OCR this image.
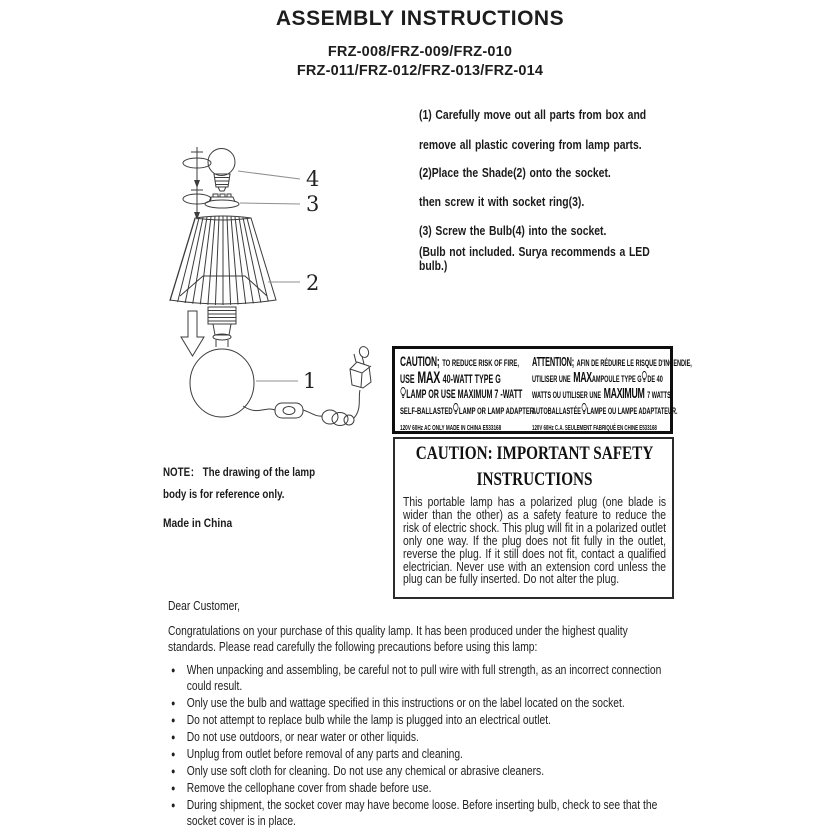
ASSEMBLY INSTRUCTIONS
FRZ-008/FRZ-009/FRZ-010
FRZ-011/FRZ-012/FRZ-013/FRZ-014
(1) Carefully move out all parts from box and
remove all plastic covering from lamp parts.
(2)Place the Shade(2) onto the socket.
then screw it with socket ring(3).
(3) Screw the Bulb(4) into the socket.
(Bulb not included. Surya recommends a LED bulb.)
4
3
2
1
CAUTION; TO REDUCE RISK OF FIRE,
USE MAX 40-WATT TYPE G
LAMP OR USE MAXIMUM 7 -WATT
SELF-BALLASTED LAMP OR LAMP ADAPTER.
120V 60Hz AC ONLY MADE IN CHINA E533168
ATTENTION; AFIN DE RÉDUIRE LE RISQUE D'INCENDIE,
UTILISER UNE MAXAMPOULE TYPE G DE 40
WATTS OU UTILISER UNE MAXIMUM 7 WATTS
AUTOBALLASTÉE LAMPE OU LAMPE ADAPTATEUR.
120V 60Hz C.A. SEULEMENT FABRIQUÉ EN CHINE E533168
CAUTION: IMPORTANT SAFETY
INSTRUCTIONS
This portable lamp has a polarized plug (one blade is wider than the other) as a safety feature to reduce the risk of electric shock. This plug will fit in a polarized outlet only one way. If the plug does not fit fully in the outlet, reverse the plug. If it still does not fit, contact a qualified electrician. Never use with an extension cord unless the plug can be fully inserted. Do not alter the plug.
NOTE： The drawing of the lamp
body is for reference only.
Made in China
Dear Customer,
Congratulations on your purchase of this quality lamp. It has been produced under the highest quality standards. Please read carefully the following precautions before using this lamp:
● When unpacking and assembling, be careful not to pull wire with full strength, as an incorrect connection could result.
● Only use the bulb and wattage specified in this instructions or on the label located on the socket.
● Do not attempt to replace bulb while the lamp is plugged into an electrical outlet.
● Do not use outdoors, or near water or other liquids.
● Unplug from outlet before removal of any parts and cleaning.
● Only use soft cloth for cleaning. Do not use any chemical or abrasive cleaners.
● Remove the cellophane cover from shade before use.
● During shipment, the socket cover may have become loose. Before inserting bulb, check to see that the socket cover is in place.
